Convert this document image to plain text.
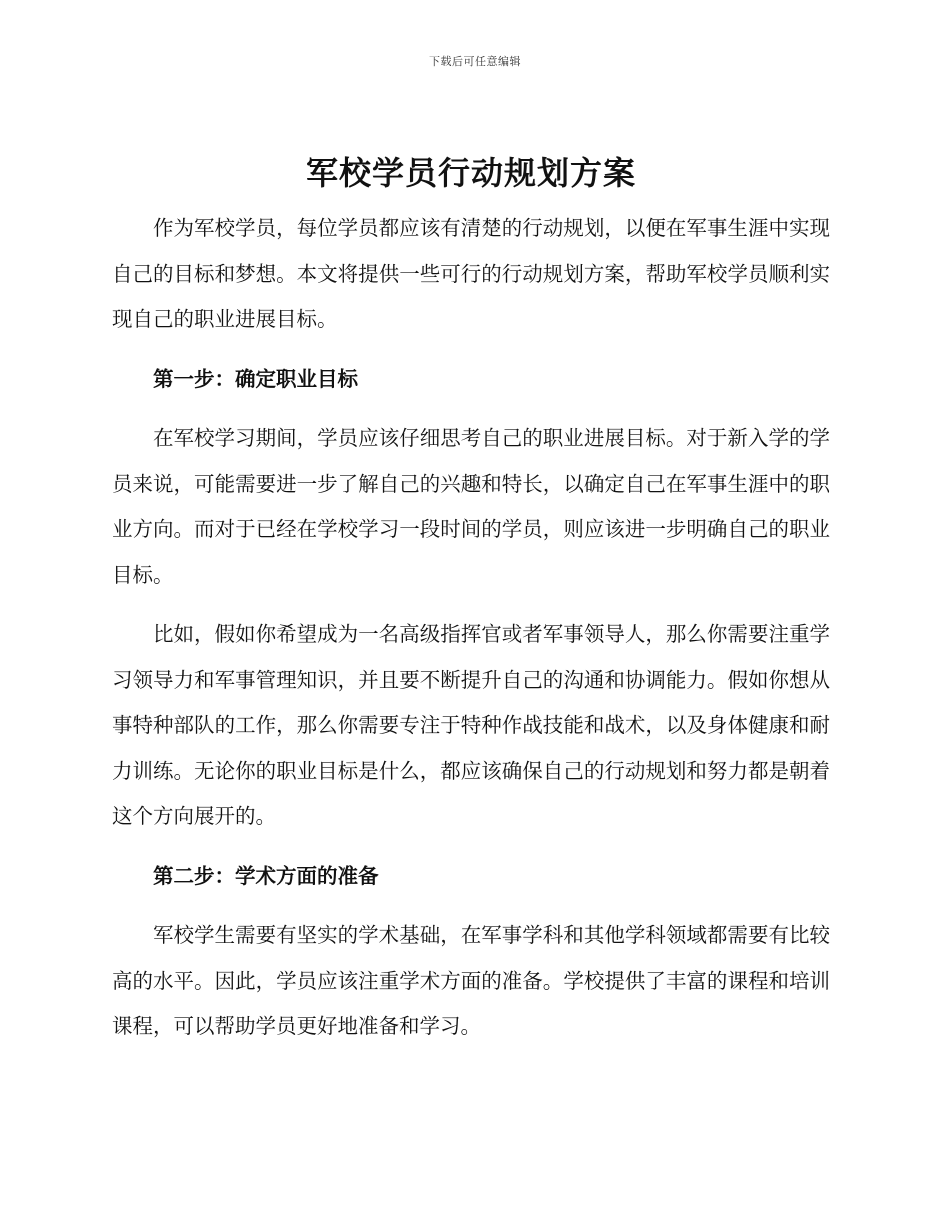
下载后可任意编辑
军校学员行动规划方案

作为军校学员，每位学员都应该有清楚的行动规划，以便在军事生涯中实现自己的目标和梦想。本文将提供一些可行的行动规划方案，帮助军校学员顺利实现自己的职业进展目标。

第一步：确定职业目标

在军校学习期间，学员应该仔细思考自己的职业进展目标。对于新入学的学员来说，可能需要进一步了解自己的兴趣和特长，以确定自己在军事生涯中的职业方向。而对于已经在学校学习一段时间的学员，则应该进一步明确自己的职业目标。

比如，假如你希望成为一名高级指挥官或者军事领导人，那么你需要注重学习领导力和军事管理知识，并且要不断提升自己的沟通和协调能力。假如你想从事特种部队的工作，那么你需要专注于特种作战技能和战术，以及身体健康和耐力训练。无论你的职业目标是什么，都应该确保自己的行动规划和努力都是朝着这个方向展开的。

第二步：学术方面的准备

军校学生需要有坚实的学术基础，在军事学科和其他学科领域都需要有比较高的水平。因此，学员应该注重学术方面的准备。学校提供了丰富的课程和培训课程，可以帮助学员更好地准备和学习。
